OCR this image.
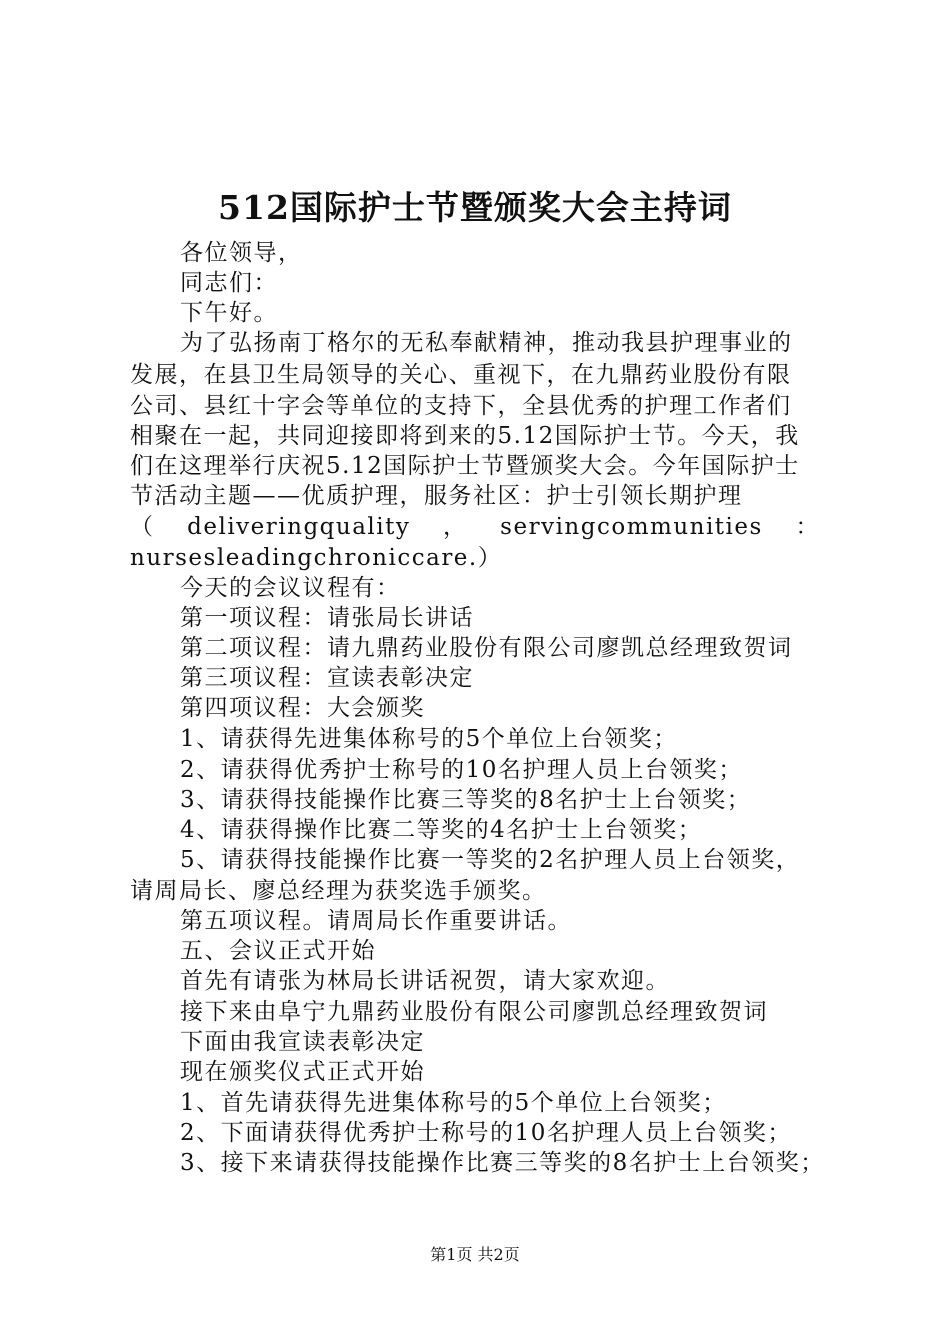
512国际护士节暨颁奖大会主持词
各位领导，
同志们：
下午好。
为了弘扬南丁格尔的无私奉献精神，推动我县护理事业的
发展，在县卫生局领导的关心、重视下，在九鼎药业股份有限
公司、县红十字会等单位的支持下，全县优秀的护理工作者们
相聚在一起，共同迎接即将到来的5.12国际护士节。今天，我
们在这理举行庆祝5.12国际护士节暨颁奖大会。今年国际护士
节活动主题——优质护理，服务社区：护士引领长期护理
（ deliveringquality ， servingcommunities ：
nursesleadingchroniccare.）
今天的会议议程有：
第一项议程：请张局长讲话
第二项议程：请九鼎药业股份有限公司廖凯总经理致贺词
第三项议程：宣读表彰决定
第四项议程：大会颁奖
1、请获得先进集体称号的5个单位上台领奖；
2、请获得优秀护士称号的10名护理人员上台领奖；
3、请获得技能操作比赛三等奖的8名护士上台领奖；
4、请获得操作比赛二等奖的4名护士上台领奖；
5、请获得技能操作比赛一等奖的2名护理人员上台领奖，
请周局长、廖总经理为获奖选手颁奖。
第五项议程。请周局长作重要讲话。
五、会议正式开始
首先有请张为林局长讲话祝贺，请大家欢迎。
接下来由阜宁九鼎药业股份有限公司廖凯总经理致贺词
下面由我宣读表彰决定
现在颁奖仪式正式开始
1、首先请获得先进集体称号的5个单位上台领奖；
2、下面请获得优秀护士称号的10名护理人员上台领奖；
3、接下来请获得技能操作比赛三等奖的8名护士上台领奖；
第1页 共2页
